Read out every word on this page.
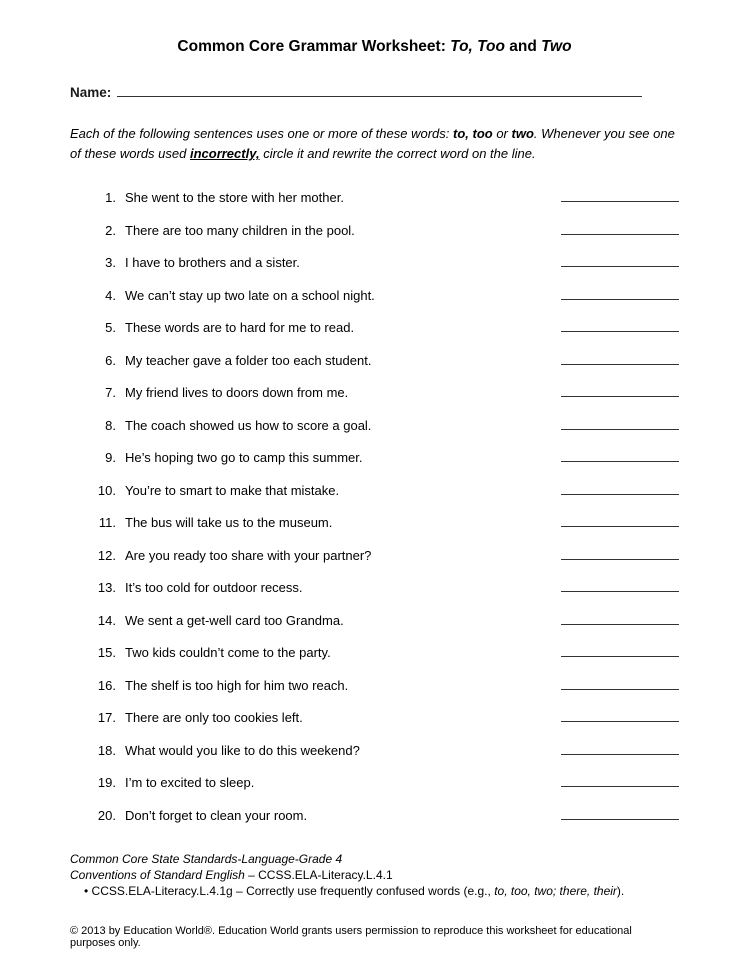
Common Core Grammar Worksheet: To, Too and Two
Name:

Each of the following sentences uses one or more of these words: to, too or two. Whenever you see one of these words used incorrectly, circle it and rewrite the correct word on the line.

1. She went to the store with her mother.
2. There are too many children in the pool.
3. I have to brothers and a sister.
4. We can’t stay up two late on a school night.
5. These words are to hard for me to read.
6. My teacher gave a folder too each student.
7. My friend lives to doors down from me.
8. The coach showed us how to score a goal.
9. He’s hoping two go to camp this summer.
10. You’re to smart to make that mistake.
11. The bus will take us to the museum.
12. Are you ready too share with your partner?
13. It’s too cold for outdoor recess.
14. We sent a get-well card too Grandma.
15. Two kids couldn’t come to the party.
16. The shelf is too high for him two reach.
17. There are only too cookies left.
18. What would you like to do this weekend?
19. I’m to excited to sleep.
20. Don’t forget to clean your room.
Common Core State Standards-Language-Grade 4
Conventions of Standard English – CCSS.ELA-Literacy.L.4.1
• CCSS.ELA-Literacy.L.4.1g – Correctly use frequently confused words (e.g., to, too, two; there, their).
© 2013 by Education World®. Education World grants users permission to reproduce this worksheet for educational purposes only.
